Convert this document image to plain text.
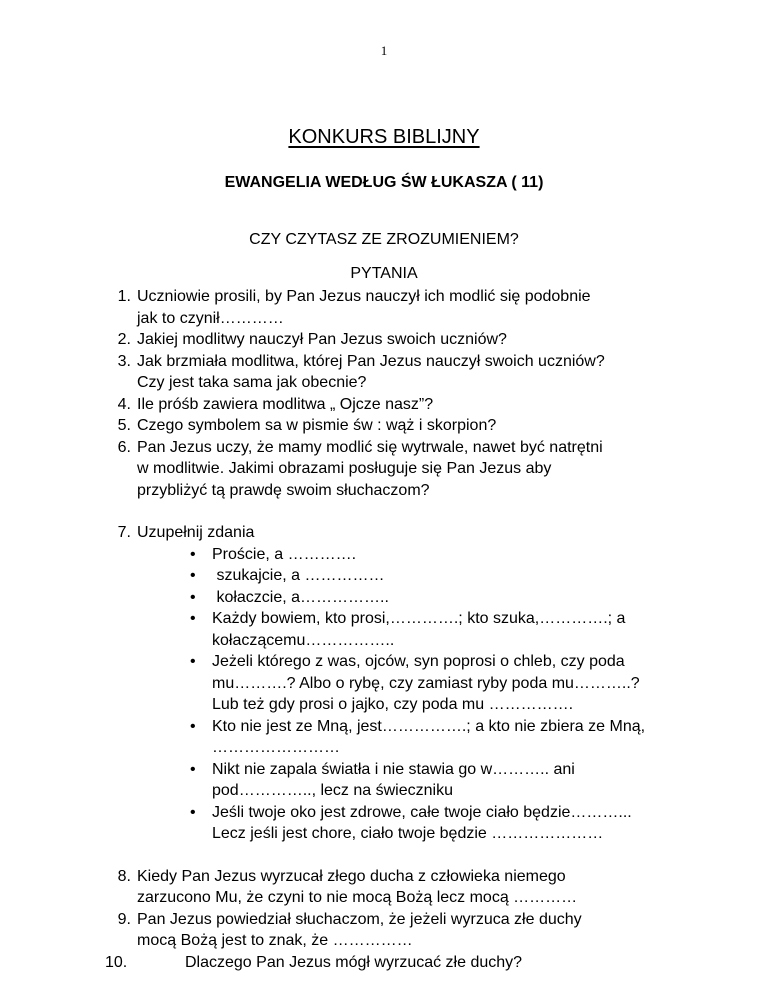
1
KONKURS BIBLIJNY
EWANGELIA WEDŁUG ŚW ŁUKASZA ( 11)
CZY CZYTASZ ZE ZROZUMIENIEM?
PYTANIA
1. Uczniowie prosili, by Pan Jezus nauczył ich modlić się podobnie
jak to czynił…………
2. Jakiej modlitwy nauczył Pan Jezus swoich uczniów?
3. Jak brzmiała modlitwa, której Pan Jezus nauczył swoich uczniów?
Czy jest taka sama jak obecnie?
4. Ile próśb zawiera modlitwa „ Ojcze nasz”?
5. Czego symbolem sa w pismie św : wąż i skorpion?
6. Pan Jezus uczy, że mamy modlić się wytrwale, nawet być natrętni
w modlitwie. Jakimi obrazami posługuje się Pan Jezus aby
przybliżyć tą prawdę swoim słuchaczom?
7. Uzupełnij zdania
• Proście, a ………….
• szukajcie, a ……………
• kołaczcie, a……………..
• Każdy bowiem, kto prosi,………….; kto szuka,………….; a
kołaczącemu……………..
• Jeżeli którego z was, ojców, syn poprosi o chleb, czy poda
mu……….? Albo o rybę, czy zamiast ryby poda mu………..?
Lub też gdy prosi o jajko, czy poda mu …………….
• Kto nie jest ze Mną, jest…………….; a kto nie zbiera ze Mną,
……………………
• Nikt nie zapala światła i nie stawia go w……….. ani
pod………….., lecz na świeczniku
• Jeśli twoje oko jest zdrowe, całe twoje ciało będzie………...
Lecz jeśli jest chore, ciało twoje będzie …………………
8. Kiedy Pan Jezus wyrzucał złego ducha z człowieka niemego
zarzucono Mu, że czyni to nie mocą Bożą lecz mocą …………
9. Pan Jezus powiedział słuchaczom, że jeżeli wyrzuca złe duchy
mocą Bożą jest to znak, że ……………
10.	Dlaczego Pan Jezus mógł wyrzucać złe duchy?
